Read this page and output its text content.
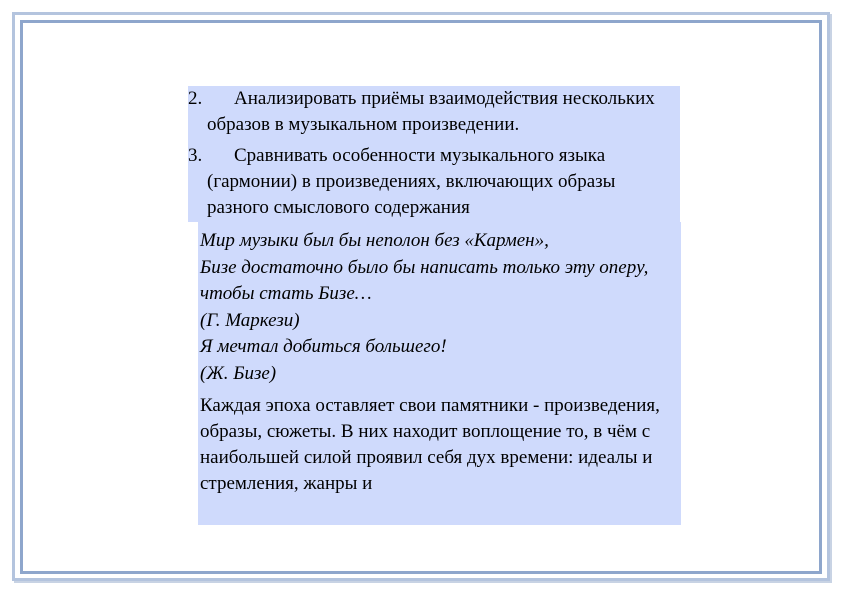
2.	Анализировать приёмы взаимодействия нескольких образов в музыкальном произведении.
3.	Сравнивать особенности музыкального языка (гармонии) в произведениях, включающих образы разного смыслового содержания
Мир музыки был бы неполон без «Кармен»,
Бизе достаточно было бы написать только эту опеpy,
чтобы стать Бизе…
(Г. Маркези)
Я мечтал добиться большего!
(Ж. Бизе)
Каждая эпоха оставляет свои памятники - произведения, образы, сюжеты. В них находит воплощение то, в чём с наибольшей силой проявил себя дух времени: идеалы и стремления, жанры и
